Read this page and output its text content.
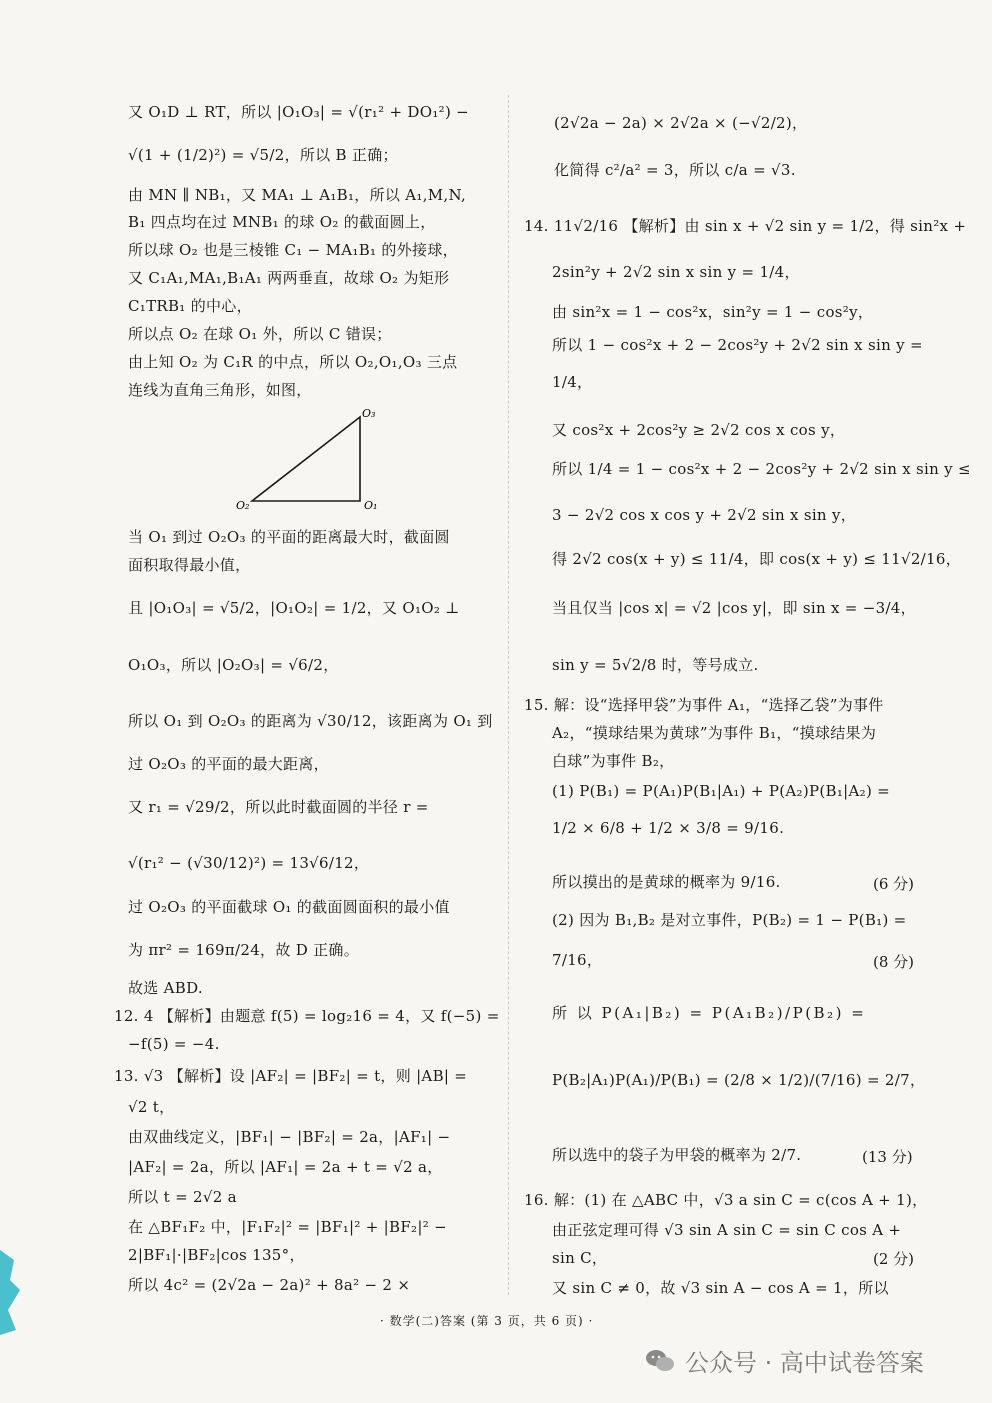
又 O₁D ⊥ RT，所以 |O₁O₃| = √(r₁² + DO₁²) −
√(1 + (1/2)²) = √5/2，所以 B 正确；
由 MN ∥ NB₁，又 MA₁ ⊥ A₁B₁，所以 A₁,M,N,
B₁ 四点均在过 MNB₁ 的球 O₂ 的截面圆上，
所以球 O₂ 也是三棱锥 C₁ − MA₁B₁ 的外接球，
又 C₁A₁,MA₁,B₁A₁ 两两垂直，故球 O₂ 为矩形
C₁TRB₁ 的中心，
所以点 O₂ 在球 O₁ 外，所以 C 错误；
由上知 O₂ 为 C₁R 的中点，所以 O₂,O₁,O₃ 三点
连线为直角三角形，如图，
当 O₁ 到过 O₂O₃ 的平面的距离最大时，截面圆
面积取得最小值，
且 |O₁O₃| = √5/2，|O₁O₂| = 1/2，又 O₁O₂ ⊥
O₁O₃，所以 |O₂O₃| = √6/2，
所以 O₁ 到 O₂O₃ 的距离为 √30/12，该距离为 O₁ 到
过 O₂O₃ 的平面的最大距离，
又 r₁ = √29/2，所以此时截面圆的半径 r =
√(r₁² − (√30/12)²) = 13√6/12，
过 O₂O₃ 的平面截球 O₁ 的截面圆面积的最小值
为 πr² = 169π/24，故 D 正确。
故选 ABD.
12. 4 【解析】由题意 f(5) = log₂16 = 4，又 f(−5) =
−f(5) = −4.
13. √3 【解析】设 |AF₂| = |BF₂| = t，则 |AB| =
√2 t，
由双曲线定义，|BF₁| − |BF₂| = 2a，|AF₁| −
|AF₂| = 2a，所以 |AF₁| = 2a + t = √2 a，
所以 t = 2√2 a
在 △BF₁F₂ 中，|F₁F₂|² = |BF₁|² + |BF₂|² −
2|BF₁|·|BF₂|cos 135°，
所以 4c² = (2√2a − 2a)² + 8a² − 2 ×
O₃
O₂	O₁
(2√2a − 2a) × 2√2a × (−√2/2)，
化简得 c²/a² = 3，所以 c/a = √3.
14. 11√2/16 【解析】由 sin x + √2 sin y = 1/2，得 sin²x +
2sin²y + 2√2 sin x sin y = 1/4，
由 sin²x = 1 − cos²x，sin²y = 1 − cos²y，
所以 1 − cos²x + 2 − 2cos²y + 2√2 sin x sin y =
1/4，
又 cos²x + 2cos²y ≥ 2√2 cos x cos y，
所以 1/4 = 1 − cos²x + 2 − 2cos²y + 2√2 sin x sin y ≤
3 − 2√2 cos x cos y + 2√2 sin x sin y，
得 2√2 cos(x + y) ≤ 11/4，即 cos(x + y) ≤ 11√2/16，
当且仅当 |cos x| = √2 |cos y|，即 sin x = −3/4，
sin y = 5√2/8 时，等号成立.
15. 解：设“选择甲袋”为事件 A₁，“选择乙袋”为事件
A₂，“摸球结果为黄球”为事件 B₁，“摸球结果为
白球”为事件 B₂，
(1) P(B₁) = P(A₁)P(B₁|A₁) + P(A₂)P(B₁|A₂) =
1/2 × 6/8 + 1/2 × 3/8 = 9/16.
所以摸出的是黄球的概率为 9/16.
(2) 因为 B₁,B₂ 是对立事件，P(B₂) = 1 − P(B₁) =
7/16，
所 以 P(A₁|B₂) = P(A₁B₂)/P(B₂) =
P(B₂|A₁)P(A₁)/P(B₁) = (2/8 × 1/2)/(7/16) = 2/7，
所以选中的袋子为甲袋的概率为 2/7.
16. 解：(1) 在 △ABC 中，√3 a sin C = c(cos A + 1)，
由正弦定理可得 √3 sin A sin C = sin C cos A +
sin C，
又 sin C ≠ 0，故 √3 sin A − cos A = 1，所以
(6 分)
(8 分)
(13 分)
(2 分)
· 数学(二)答案 (第 3 页，共 6 页) ·
公众号 · 高中试卷答案
